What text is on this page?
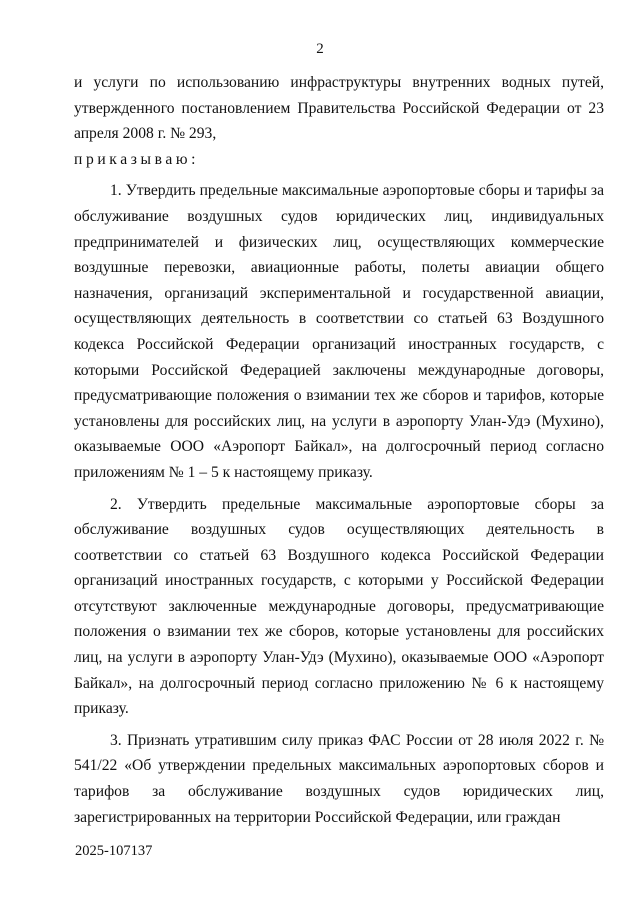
2

и услуги по использованию инфраструктуры внутренних водных путей, утвержденного постановлением Правительства Российской Федерации от 23 апреля 2008 г. № 293,

приказываю:

1. Утвердить предельные максимальные аэропортовые сборы и тарифы за обслуживание воздушных судов юридических лиц, индивидуальных предпринимателей и физических лиц, осуществляющих коммерческие воздушные перевозки, авиационные работы, полеты авиации общего назначения, организаций экспериментальной и государственной авиации, осуществляющих деятельность в соответствии со статьей 63 Воздушного кодекса Российской Федерации организаций иностранных государств, с которыми Российской Федерацией заключены международные договоры, предусматривающие положения о взимании тех же сборов и тарифов, которые установлены для российских лиц, на услуги в аэропорту Улан-Удэ (Мухино), оказываемые ООО «Аэропорт Байкал», на долгосрочный период согласно приложениям № 1 – 5 к настоящему приказу.

2. Утвердить предельные максимальные аэропортовые сборы за обслуживание воздушных судов осуществляющих деятельность в соответствии со статьей 63 Воздушного кодекса Российской Федерации организаций иностранных государств, с которыми у Российской Федерации отсутствуют заключенные международные договоры, предусматривающие положения о взимании тех же сборов, которые установлены для российских лиц, на услуги в аэропорту Улан-Удэ (Мухино), оказываемые ООО «Аэропорт Байкал», на долгосрочный период согласно приложению № 6 к настоящему приказу.

3. Признать утратившим силу приказ ФАС России от 28 июля 2022 г. № 541/22 «Об утверждении предельных максимальных аэропортовых сборов и тарифов за обслуживание воздушных судов юридических лиц, зарегистрированных на территории Российской Федерации, или граждан

2025-107137
